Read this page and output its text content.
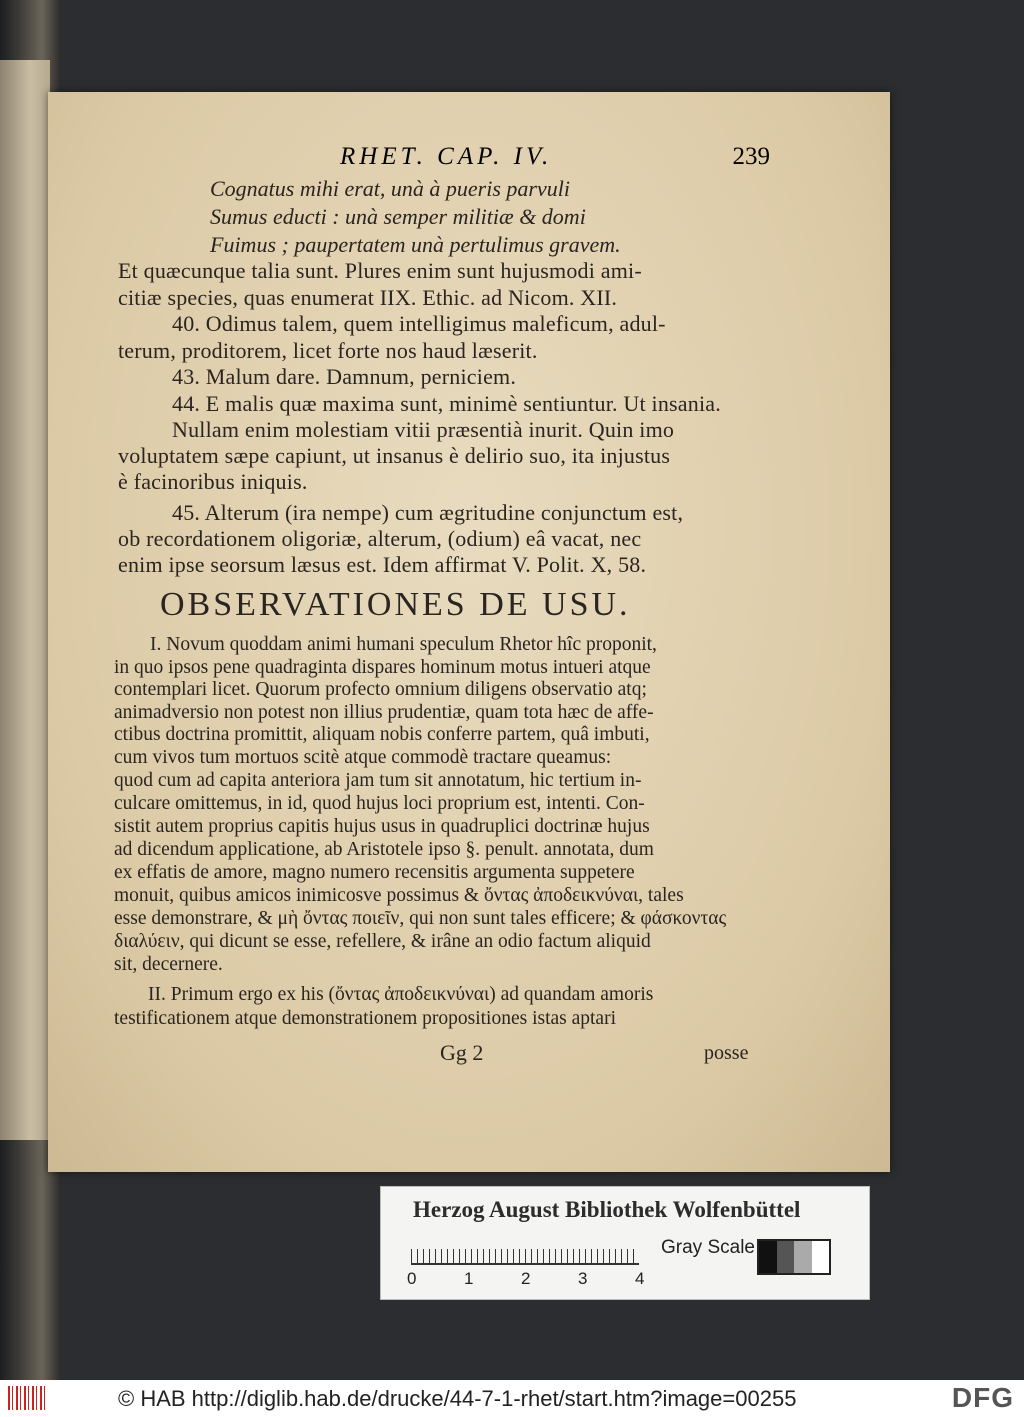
RHET. CAP. IV.	239
Cognatus mihi erat, unà à pueris parvuli
Sumus educti : unà semper militiæ & domi
Fuimus ; paupertatem unà pertulimus gravem.
Et quæcunque talia sunt. Plures enim sunt hujusmodi ami-
citiæ species, quas enumerat IIX. Ethic. ad Nicom. XII.
40. Odimus talem, quem intelligimus maleficum, adul-
terum, proditorem, licet forte nos haud læserit.
43. Malum dare. Damnum, perniciem.
44. E malis quæ maxima sunt, minimè sentiuntur. Ut insania.
Nullam enim molestiam vitii præsentià inurit. Quin imo
voluptatem sæpe capiunt, ut insanus è delirio suo, ita injustus
è facinoribus iniquis.
45. Alterum (ira nempe) cum ægritudine conjunctum est,
ob recordationem oligoriæ, alterum, (odium) eâ vacat, nec
enim ipse seorsum læsus est. Idem affirmat V. Polit. X, 58.
OBSERVATIONES DE USU.
I. Novum quoddam animi humani speculum Rhetor hîc proponit,
in quo ipsos pene quadraginta dispares hominum motus intueri atque
contemplari licet. Quorum profecto omnium diligens observatio atq;
animadversio non potest non illius prudentiæ, quam tota hæc de affe-
ctibus doctrina promittit, aliquam nobis conferre partem, quâ imbuti,
cum vivos tum mortuos scitè atque commodè tractare queamus:
quod cum ad capita anteriora jam tum sit annotatum, hic tertium in-
culcare omittemus, in id, quod hujus loci proprium est, intenti. Con-
sistit autem proprius capitis hujus usus in quadruplici doctrinæ hujus
ad dicendum applicatione, ab Aristotele ipso §. penult. annotata, dum
ex effatis de amore, magno numero recensitis argumenta suppetere
monuit, quibus amicos inimicosve possimus & ὄντας ἀποδεικνύναι, tales
esse demonstrare, & μὴ ὄντας ποιεῖν, qui non sunt tales efficere; & φάσκοντας
διαλύειν, qui dicunt se esse, refellere, & irâne an odio factum aliquid
sit, decernere.
II. Primum ergo ex his (ὄντας ἀποδεικνύναι) ad quandam amoris
testificationem atque demonstrationem propositiones istas aptari
Gg 2	posse
Herzog August Bibliothek Wolfenbüttel
0	1	2	3	4
Gray Scale
© HAB http://diglib.hab.de/drucke/44-7-1-rhet/start.htm?image=00255	DFG
